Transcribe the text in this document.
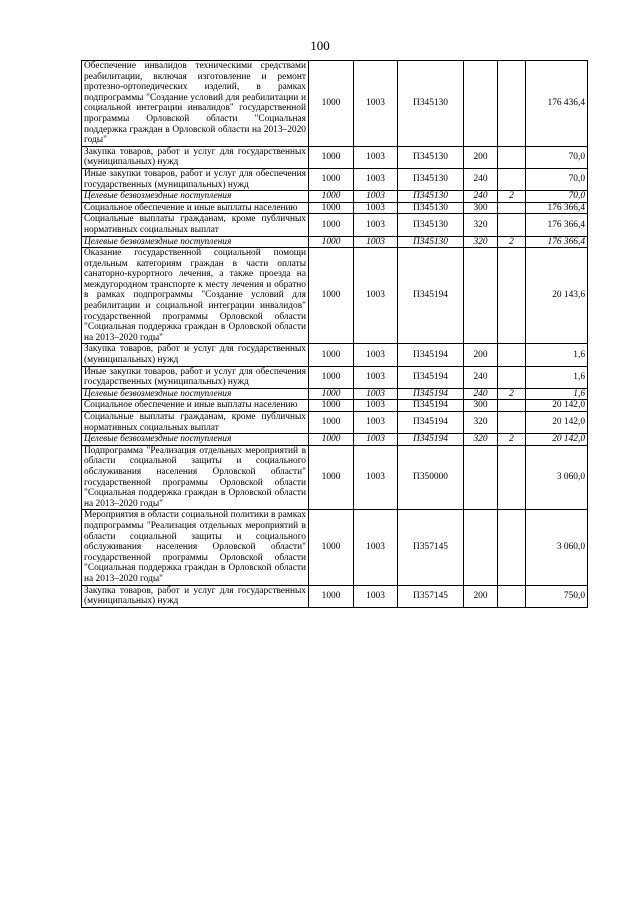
100
Обеспечение инвалидов техническими средствами реабилитации, включая изготовление и ремонт протезно-ортопедических изделий, в рамках подпрограммы "Создание условий для реабилитации и социальной интеграции инвалидов" государственной программы Орловской области "Социальная поддержка граждан в Орловской области на 2013–2020 годы"	1000	1003	П345130			176 436,4
Закупка товаров, работ и услуг для государственных (муниципальных) нужд	1000	1003	П345130	200		70,0
Иные закупки товаров, работ и услуг для обеспечения государственных (муниципальных) нужд	1000	1003	П345130	240		70,0
Целевые безвозмездные поступления	1000	1003	П345130	240	2	70,0
Социальное обеспечение и иные выплаты населению	1000	1003	П345130	300		176 366,4
Социальные выплаты гражданам, кроме публичных нормативных социальных выплат	1000	1003	П345130	320		176 366,4
Целевые безвозмездные поступления	1000	1003	П345130	320	2	176 366,4
Оказание государственной социальной помощи отдельным категориям граждан в части оплаты санаторно-курортного лечения, а также проезда на междугородном транспорте к месту лечения и обратно в рамках подпрограммы "Создание условий для реабилитации и социальной интеграции инвалидов" государственной программы Орловской области "Социальная поддержка граждан в Орловской области на 2013–2020 годы"	1000	1003	П345194			20 143,6
Закупка товаров, работ и услуг для государственных (муниципальных) нужд	1000	1003	П345194	200		1,6
Иные закупки товаров, работ и услуг для обеспечения государственных (муниципальных) нужд	1000	1003	П345194	240		1,6
Целевые безвозмездные поступления	1000	1003	П345194	240	2	1,6
Социальное обеспечение и иные выплаты населению	1000	1003	П345194	300		20 142,0
Социальные выплаты гражданам, кроме публичных нормативных социальных выплат	1000	1003	П345194	320		20 142,0
Целевые безвозмездные поступления	1000	1003	П345194	320	2	20 142,0
Подпрограмма "Реализация отдельных мероприятий в области социальной защиты и социального обслуживания населения Орловской области" государственной программы Орловской области "Социальная поддержка граждан в Орловской области на 2013–2020 годы"	1000	1003	П350000			3 060,0
Мероприятия в области социальной политики в рамках подпрограммы "Реализация отдельных мероприятий в области социальной защиты и социального обслуживания населения Орловской области" государственной программы Орловской области "Социальная поддержка граждан в Орловской области на 2013–2020 годы"	1000	1003	П357145			3 060,0
Закупка товаров, работ и услуг для государственных (муниципальных) нужд	1000	1003	П357145	200		750,0
